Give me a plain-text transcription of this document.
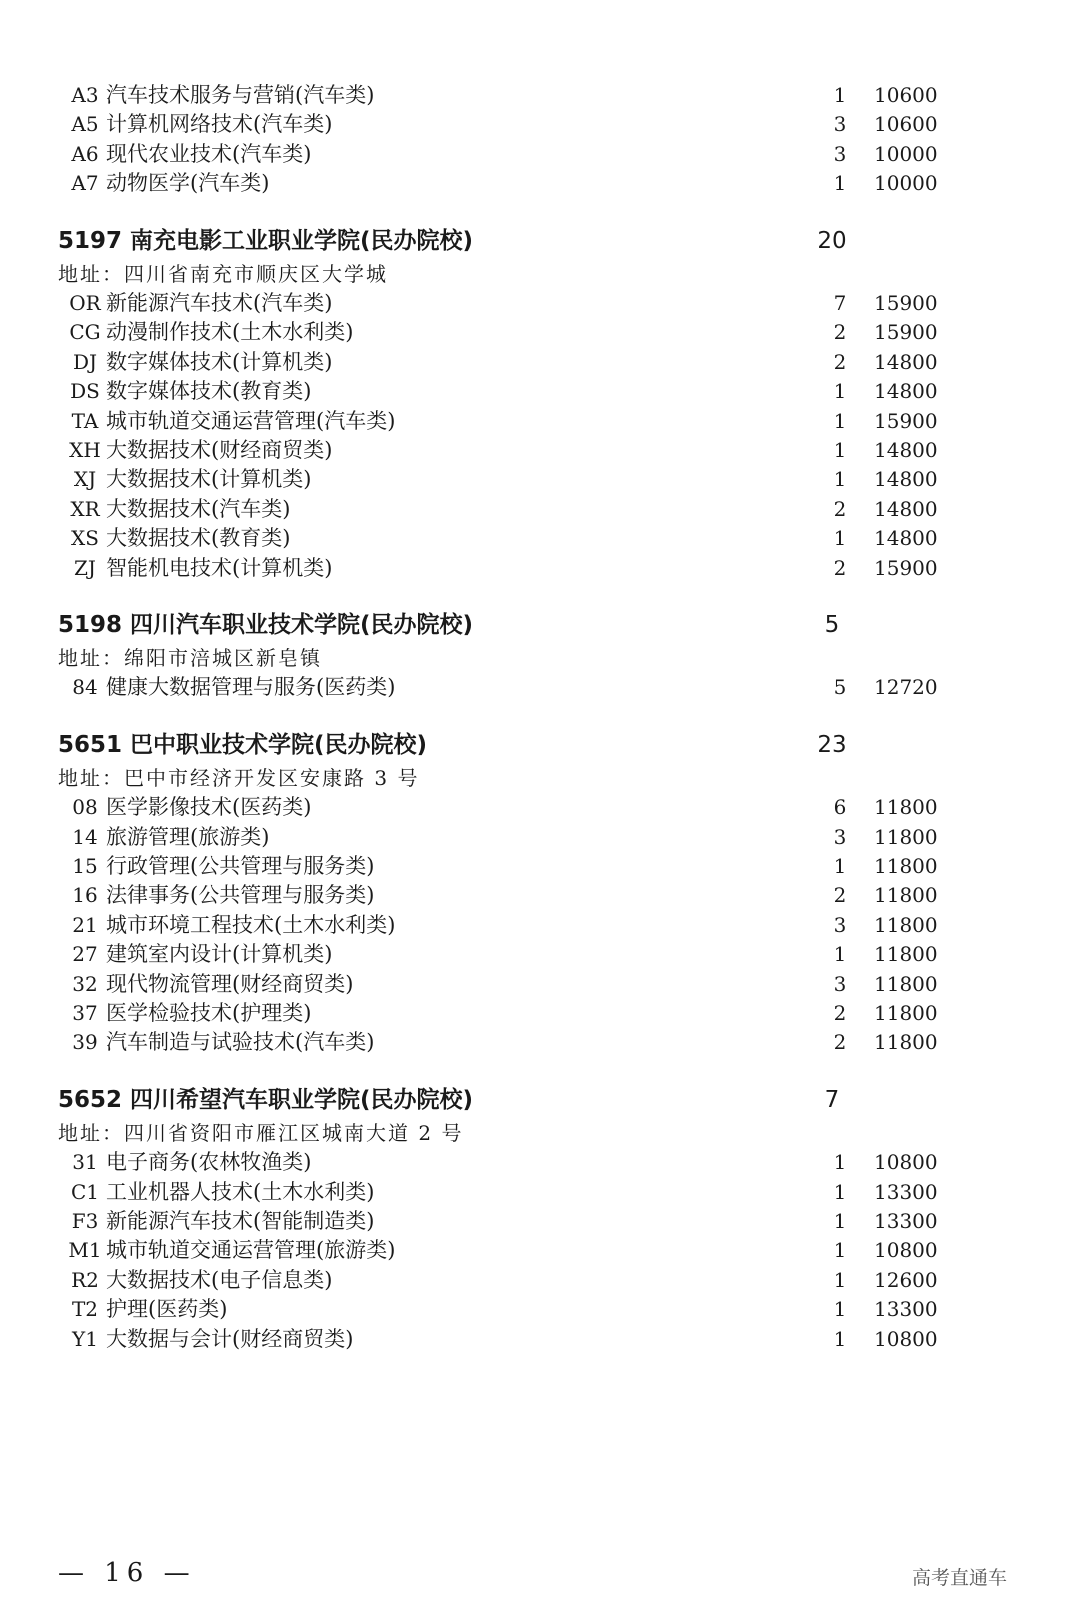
A3 汽车技术服务与营销(汽车类)	1 10600
A5 计算机网络技术(汽车类)	3 10600
A6 现代农业技术(汽车类)	3 10000
A7 动物医学(汽车类)	1 10000
5197 南充电影工业职业学院(民办院校)	20
地址：四川省南充市顺庆区大学城
OR 新能源汽车技术(汽车类)	7 15900
CG 动漫制作技术(土木水利类)	2 15900
DJ 数字媒体技术(计算机类)	2 14800
DS 数字媒体技术(教育类)	1 14800
TA 城市轨道交通运营管理(汽车类)	1 15900
XH 大数据技术(财经商贸类)	1 14800
XJ 大数据技术(计算机类)	1 14800
XR 大数据技术(汽车类)	2 14800
XS 大数据技术(教育类)	1 14800
ZJ 智能机电技术(计算机类)	2 15900
5198 四川汽车职业技术学院(民办院校)	5
地址：绵阳市涪城区新皂镇
84 健康大数据管理与服务(医药类)	5 12720
5651 巴中职业技术学院(民办院校)	23
地址：巴中市经济开发区安康路 3 号
08 医学影像技术(医药类)	6 11800
14 旅游管理(旅游类)	3 11800
15 行政管理(公共管理与服务类)	1 11800
16 法律事务(公共管理与服务类)	2 11800
21 城市环境工程技术(土木水利类)	3 11800
27 建筑室内设计(计算机类)	1 11800
32 现代物流管理(财经商贸类)	3 11800
37 医学检验技术(护理类)	2 11800
39 汽车制造与试验技术(汽车类)	2 11800
5652 四川希望汽车职业学院(民办院校)	7
地址：四川省资阳市雁江区城南大道 2 号
31 电子商务(农林牧渔类)	1 10800
C1 工业机器人技术(土木水利类)	1 13300
F3 新能源汽车技术(智能制造类)	1 13300
M1 城市轨道交通运营管理(旅游类)	1 10800
R2 大数据技术(电子信息类)	1 12600
T2 护理(医药类)	1 13300
Y1 大数据与会计(财经商贸类)	1 10800
— 16 —	高考直通车
